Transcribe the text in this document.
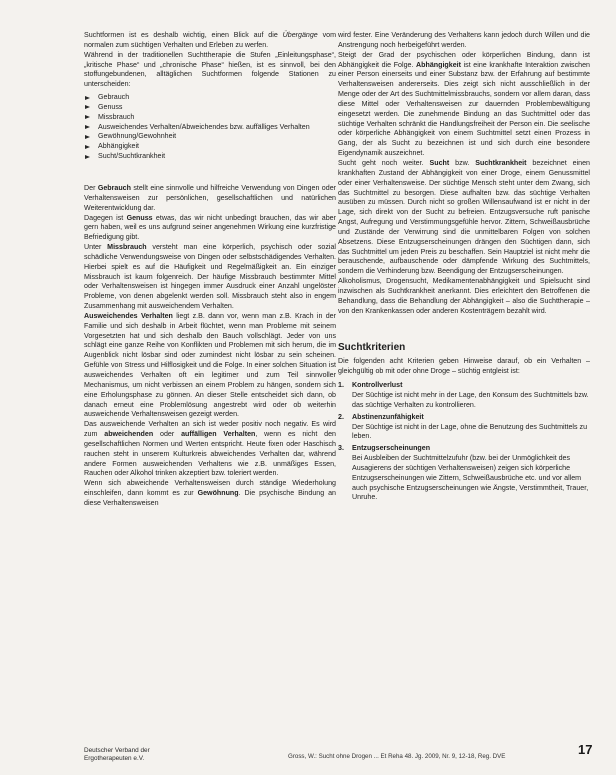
Suchtformen ist es deshalb wichtig, einen Blick auf die Übergänge vom normalen zum süchtigen Verhalten und Erleben zu werfen.

Während in der traditionellen Suchttherapie die Stufen „Einleitungsphase“, „kritische Phase“ und „chronische Phase“ hießen, ist es sinnvoll, bei den stoffungebundenen, alltäglichen Suchtformen folgende Stationen zu unterscheiden:

Gebrauch
Genuss
Missbrauch
Ausweichendes Verhalten/Abweichendes bzw. auffälliges Verhalten
Gewöhnung/Gewohnheit
Abhängigkeit
Sucht/Suchtkrankheit

Der Gebrauch stellt eine sinnvolle und hilfreiche Verwendung von Dingen oder Verhaltensweisen zur persönlichen, gesellschaftlichen und natürlichen Weiterentwicklung dar.

Dagegen ist Genuss etwas, das wir nicht unbedingt brauchen, das wir aber gern haben, weil es uns aufgrund seiner angenehmen Wirkung eine kurzfristige Befriedigung gibt.

Unter Missbrauch versteht man eine körperlich, psychisch oder sozial schädliche Verwendungsweise von Dingen oder selbstschädigendes Verhalten. Hierbei spielt es auf die Häufigkeit und Regelmäßigkeit an. Ein einziger Missbrauch ist kaum folgenreich. Der häufige Missbrauch bestimmter Mittel oder Verhaltensweisen ist hingegen immer Ausdruck einer Anzahl ungelöster Probleme, von denen abgelenkt werden soll. Missbrauch steht also in engem Zusammenhang mit ausweichendem Verhalten.

Ausweichendes Verhalten liegt z.B. dann vor, wenn man z.B. Krach in der Familie und sich deshalb in Arbeit flüchtet, wenn man Probleme mit seinem Vorgesetzten hat und sich deshalb den Bauch vollschlägt. Jeder von uns schlägt eine ganze Reihe von Konflikten und Problemen mit sich herum, die im Augenblick nicht lösbar sind oder zumindest nicht lösbar zu sein scheinen. Gefühle von Stress und Hilflosigkeit und die Folge. In einer solchen Situation ist ausweichendes Verhalten oft ein legitimer und zum Teil sinnvoller Mechanismus, um nicht verbissen an einem Problem zu hängen, sondern sich eine Erholungsphase zu gönnen. An dieser Stelle entscheidet sich dann, ob danach erneut eine Problemlösung angestrebt wird oder ob weiterhin ausweichende Verhaltensweisen gezeigt werden.

Das ausweichende Verhalten an sich ist weder positiv noch negativ. Es wird zum abweichenden oder auffälligen Verhalten, wenn es nicht den gesellschaftlichen Normen und Werten entspricht. Heute fixen oder Haschisch rauchen steht in unserem Kulturkreis abweichendes Verhalten dar, während andere Formen ausweichenden Verhaltens wie z.B. unmäßiges Essen, Rauchen oder Alkohol trinken akzeptiert bzw. toleriert werden.

Wenn sich abweichende Verhaltensweisen durch ständige Wiederholung einschleifen, dann kommt es zur Gewöhnung. Die psychische Bindung an diese Verhaltensweisen

wird fester. Eine Veränderung des Verhaltens kann jedoch durch Willen und die Anstrengung noch herbeigeführt werden.

Steigt der Grad der psychischen oder körperlichen Bindung, dann ist Abhängigkeit die Folge. Abhängigkeit ist eine krankhafte Interaktion zwischen einer Person einerseits und einer Substanz bzw. der Erfahrung auf bestimmte Verhaltensweisen andererseits. Dies zeigt sich nicht ausschließlich in der Menge oder der Art des Suchtmittelmissbrauchs, sondern vor allem daran, dass diese Mittel oder Verhaltensweisen zur dauernden Problembewältigung eingesetzt werden. Die zunehmende Bindung an das Suchtmittel oder das süchtige Verhalten schränkt die Handlungsfreiheit der Person ein. Die seelische oder körperliche Abhängigkeit von einem Suchtmittel setzt einen Prozess in Gang, der als Sucht zu bezeichnen ist und sich durch eine besondere Eigendynamik auszeichnet.

Sucht geht noch weiter. Sucht bzw. Suchtkrankheit bezeichnet einen krankhaften Zustand der Abhängigkeit von einer Droge, einem Genussmittel oder einer Verhaltensweise. Der süchtige Mensch steht unter dem Zwang, sich das Suchtmittel zu besorgen. Diese aufhalten bzw. das süchtige Verhalten ausüben zu müssen. Durch nicht so großen Willensaufwand ist er nicht in der Lage, sich direkt von der Sucht zu befreien. Entzugsversuche ruft panische Angst, Aufregung und Verstimmungsgefühle hervor. Zittern, Schweißausbrüche und Zustände der Verwirrung sind die unmittelbaren Folgen von solchen Absetzens. Diese Entzugserscheinungen drängen den Süchtigen dann, sich das Suchtmittel um jeden Preis zu beschaffen. Sein Hauptziel ist nicht mehr die berauschende, aufbauschende oder dämpfende Wirkung des Suchtmittels, sondern die Verhinderung bzw. Beendigung der Entzugserscheinungen.

Alkoholismus, Drogensucht, Medikamentenabhängigkeit und Spielsucht sind inzwischen als Suchtkrankheit anerkannt. Dies erleichtert den Betroffenen die Behandlung, dass die Behandlung der Abhängigkeit – also die Suchttherapie – von den Krankenkassen oder anderen Kostenträgern bezahlt wird.

Suchtkriterien

Die folgenden acht Kriterien geben Hinweise darauf, ob ein Verhalten – gleichgültig ob mit oder ohne Droge – süchtig entgleist ist:

1. Kontrollverlust
Der Süchtige ist nicht mehr in der Lage, den Konsum des Suchtmittels bzw. das süchtige Verhalten zu kontrollieren.
2. Abstinenzunfähigkeit
Der Süchtige ist nicht in der Lage, ohne die Benutzung des Suchtmittels zu leben.
3. Entzugserscheinungen
Bei Ausbleiben der Suchtmittelzufuhr (bzw. bei der Unmöglichkeit des Ausagierens der süchtigen Verhaltensweisen) zeigen sich körperliche Entzugserscheinungen wie Zittern, Schweißausbrüche etc. und vor allem auch psychische Entzugserscheinungen wie Ängste, Verstimmtheit, Trauer, Unruhe.
Deutscher Verband der
Ergotherapeuten e.V.	Gross, W.: Sucht ohne Drogen ... Et Reha 48. Jg. 2009, Nr. 9, 12-18, Reg. DVE	17
